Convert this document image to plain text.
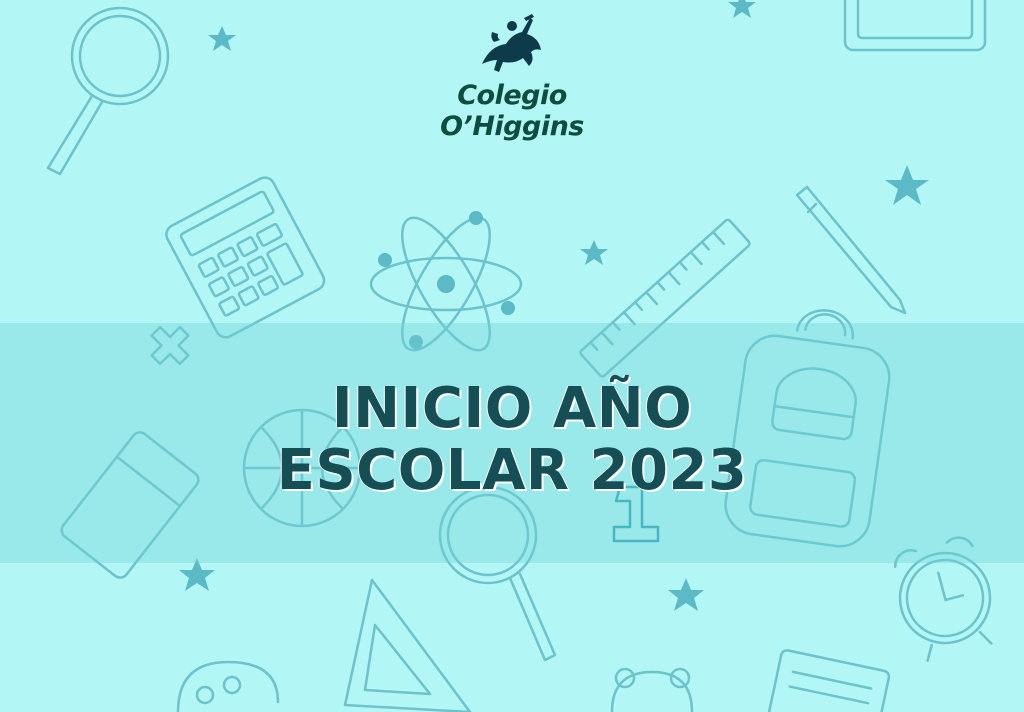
Colegio
O’Higgins
INICIO AÑO
ESCOLAR 2023
